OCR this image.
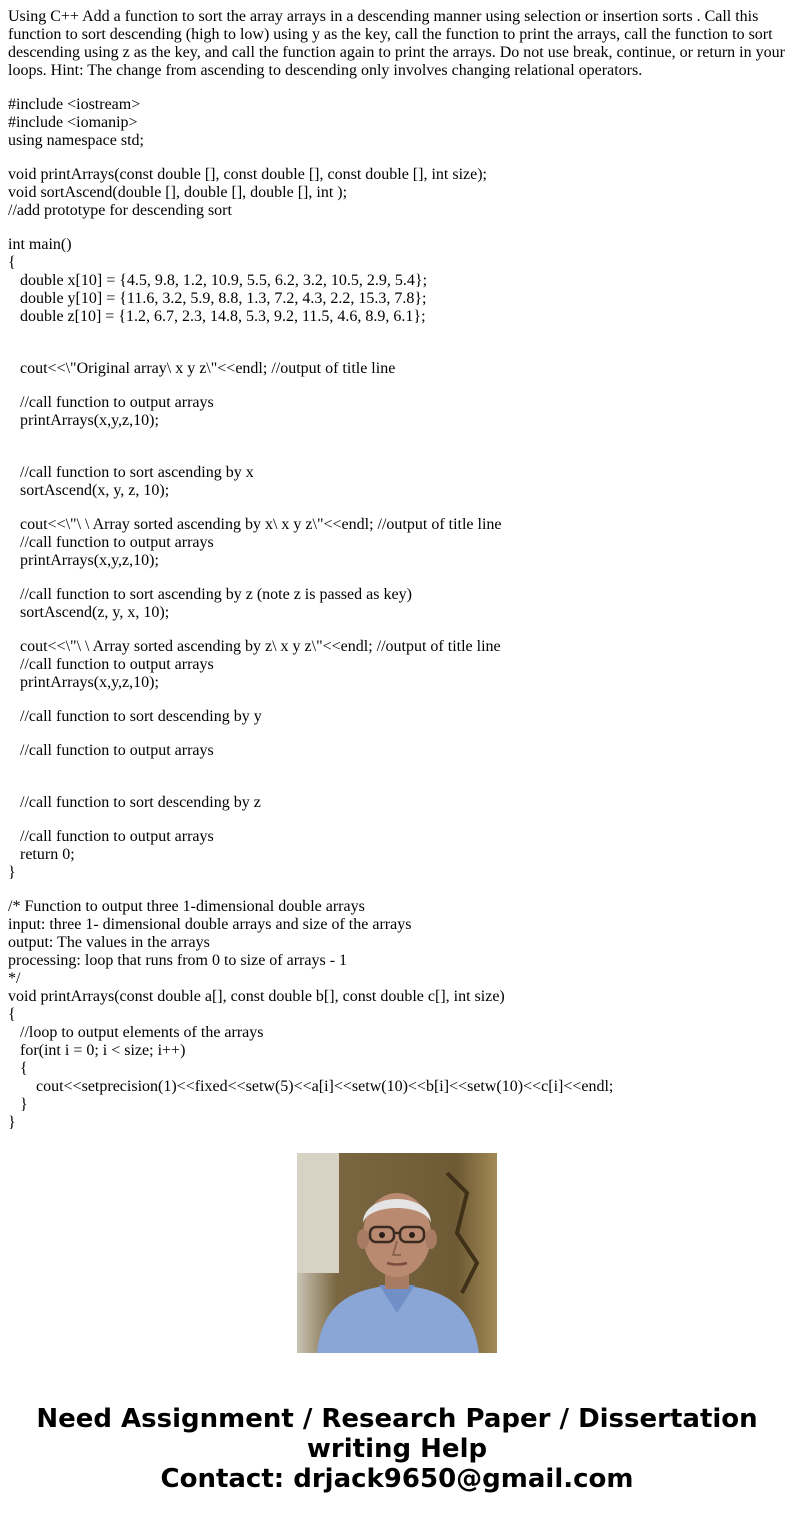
Using C++ Add a function to sort the array arrays in a descending manner using selection or insertion sorts . Call this function to sort descending (high to low) using y as the key, call the function to print the arrays, call the function to sort descending using z as the key, and call the function again to print the arrays. Do not use break, continue, or return in your loops. Hint: The change from ascending to descending only involves changing relational operators.

#include <iostream>
#include <iomanip>
using namespace std;
void printArrays(const double [], const double [], const double [], int size);
void sortAscend(double [], double [], double [], int );
//add prototype for descending sort
int main()
{
double x[10] = {4.5, 9.8, 1.2, 10.9, 5.5, 6.2, 3.2, 10.5, 2.9, 5.4};
double y[10] = {11.6, 3.2, 5.9, 8.8, 1.3, 7.2, 4.3, 2.2, 15.3, 7.8};
double z[10] = {1.2, 6.7, 2.3, 14.8, 5.3, 9.2, 11.5, 4.6, 8.9, 6.1};
cout<<\"Original array\ x y z\"<<endl; //output of title line
//call function to output arrays
printArrays(x,y,z,10);
//call function to sort ascending by x
sortAscend(x, y, z, 10);
cout<<\"\ \ Array sorted ascending by x\ x y z\"<<endl; //output of title line
//call function to output arrays
printArrays(x,y,z,10);
//call function to sort ascending by z (note z is passed as key)
sortAscend(z, y, x, 10);
cout<<\"\ \ Array sorted ascending by z\ x y z\"<<endl; //output of title line
//call function to output arrays
printArrays(x,y,z,10);
//call function to sort descending by y
//call function to output arrays
//call function to sort descending by z
//call function to output arrays
return 0;
}
/* Function to output three 1-dimensional double arrays
input: three 1- dimensional double arrays and size of the arrays
output: The values in the arrays
processing: loop that runs from 0 to size of arrays - 1
*/
void printArrays(const double a[], const double b[], const double c[], int size)
{
//loop to output elements of the arrays
for(int i = 0; i < size; i++)
{
cout<<setprecision(1)<<fixed<<setw(5)<<a[i]<<setw(10)<<b[i]<<setw(10)<<c[i]<<endl;
}
}
Need Assignment / Research Paper / Dissertation
writing Help
Contact: drjack9650@gmail.com
